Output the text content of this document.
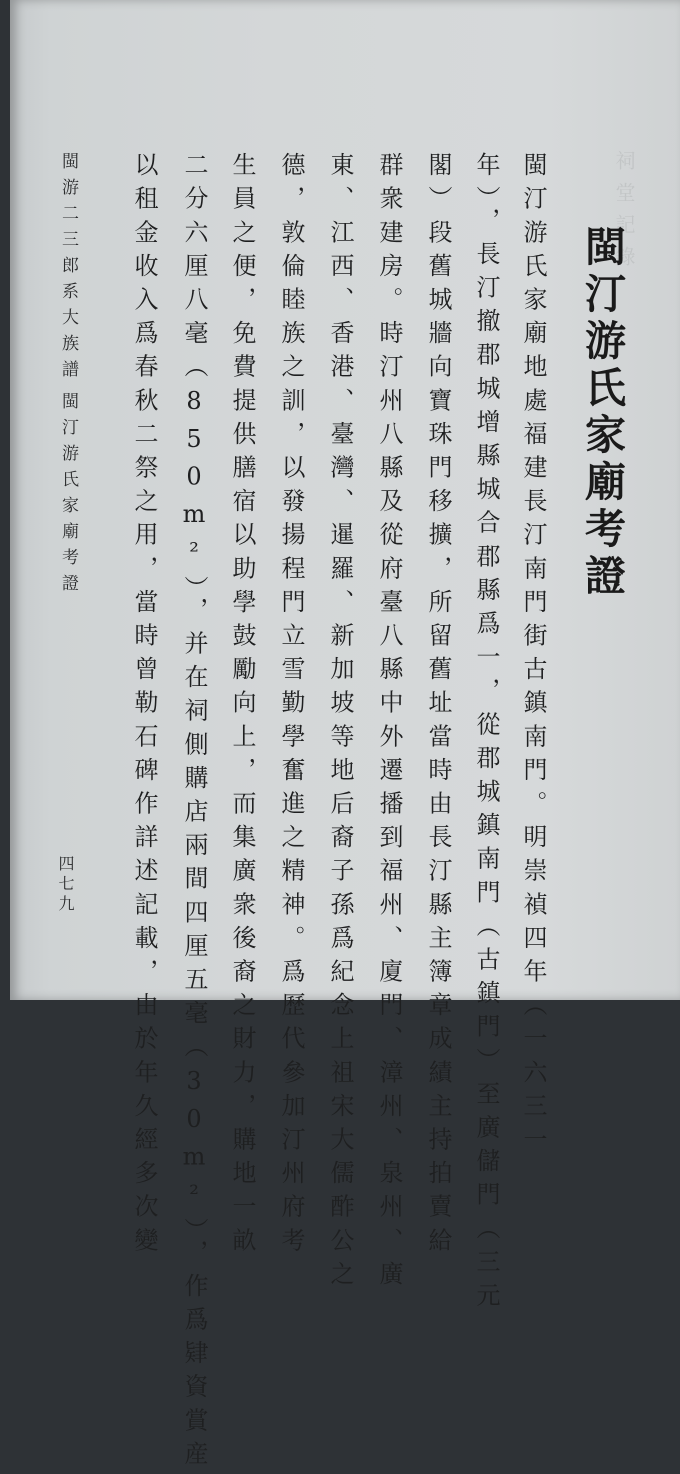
祠堂記錄
閩汀游氏家廟考證
閩汀游氏家廟地處福建長汀南門街古鎮南門。明崇禎四年（一六三一
年），長汀撤郡城增縣城合郡縣爲一，從郡城鎮南門（古鎮門）至廣儲門（三元
閣）段舊城牆向寶珠門移擴，所留舊址當時由長汀縣主簿章成績主持拍賣給
群衆建房。時汀州八縣及從府臺八縣中外遷播到福州、廈門、漳州、泉州、廣
東、江西、香港、臺灣、暹羅、新加坡等地后裔子孫爲紀念上祖宋大儒酢公之
德，敦倫睦族之訓，以發揚程門立雪勤學奮進之精神。爲歷代參加汀州府考
生員之便，免費提供膳宿以助學鼓勵向上，而集廣衆後裔之財力，購地一畝
二分六厘八毫（850m²），并在祠側購店兩間四厘五毫（30m²），作爲肄資賞産
以租金收入爲春秋二祭之用，當時曾勒石碑作詳述記載，由於年久經多次變
閩游二三郎系大族譜
閩汀游氏家廟考證
四七九
